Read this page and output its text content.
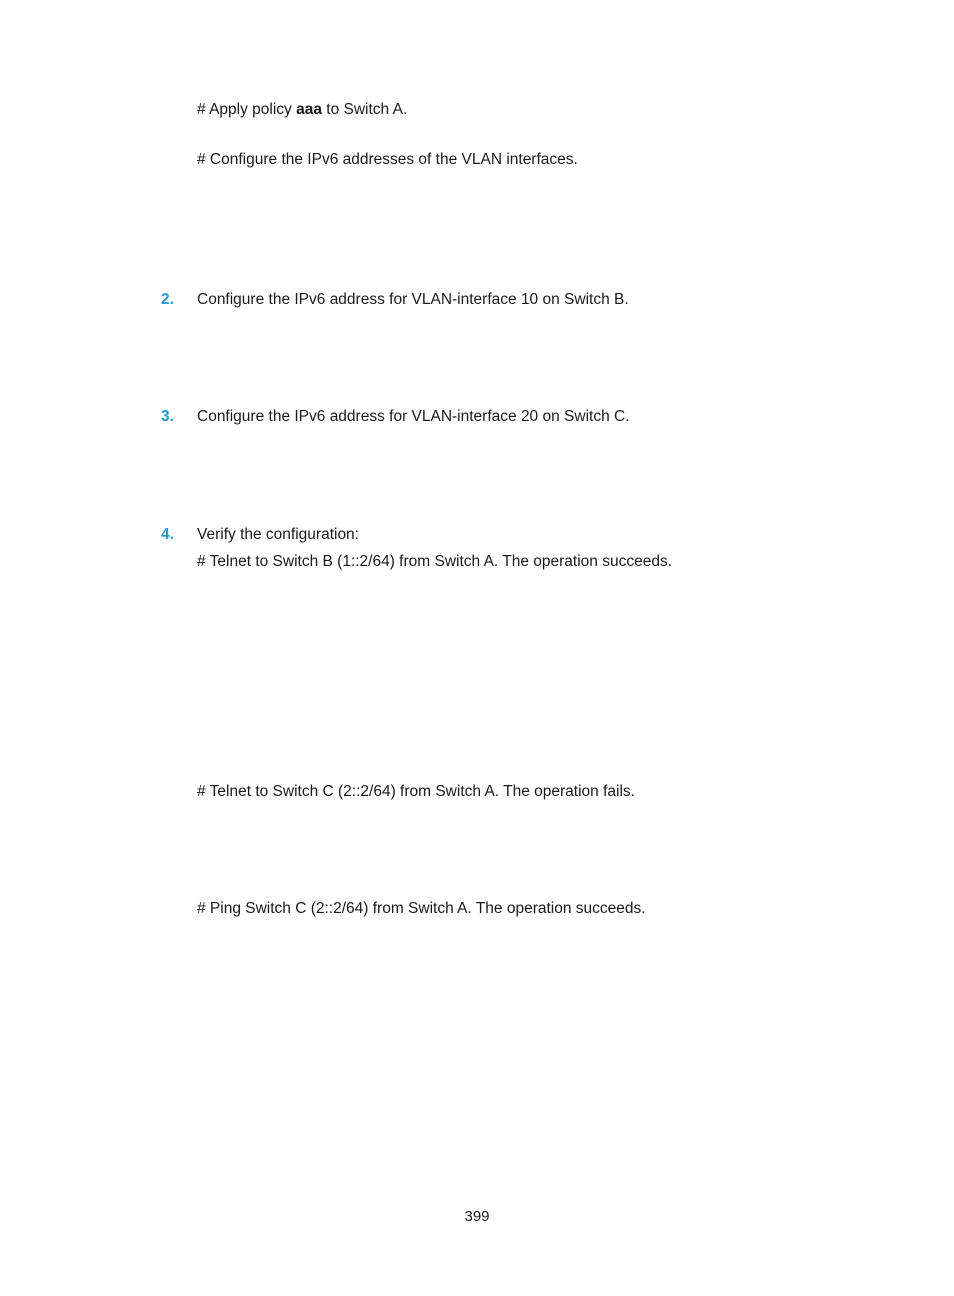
# Apply policy aaa to Switch A.
# Configure the IPv6 addresses of the VLAN interfaces.
2. Configure the IPv6 address for VLAN-interface 10 on Switch B.
3. Configure the IPv6 address for VLAN-interface 20 on Switch C.
4. Verify the configuration:
# Telnet to Switch B (1::2/64) from Switch A. The operation succeeds.
# Telnet to Switch C (2::2/64) from Switch A. The operation fails.
# Ping Switch C (2::2/64) from Switch A. The operation succeeds.
399
